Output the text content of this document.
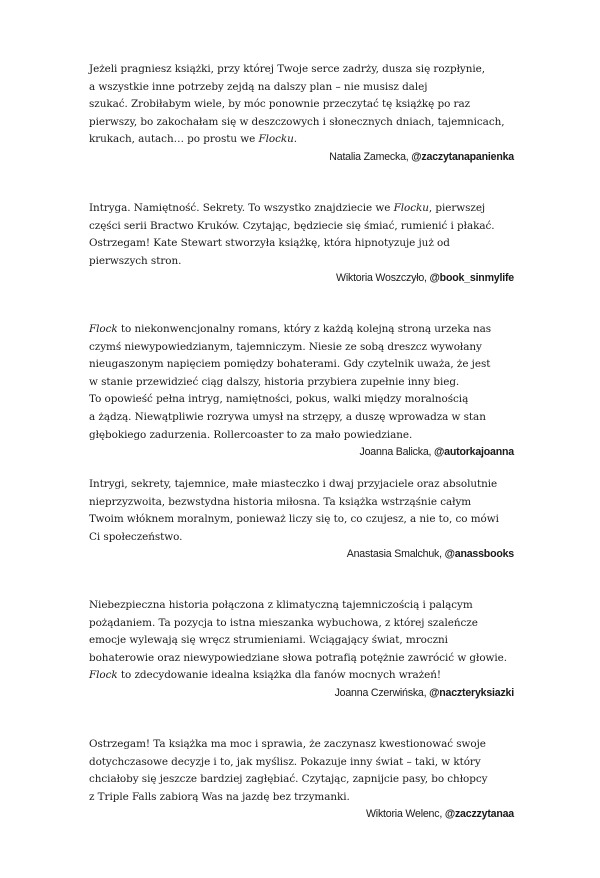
Jeżeli pragniesz książki, przy której Twoje serce zadrży, dusza się rozpłynie,
a wszystkie inne potrzeby zejdą na dalszy plan – nie musisz dalej
szukać. Zrobiłabym wiele, by móc ponownie przeczytać tę książkę po raz
pierwszy, bo zakochałam się w deszczowych i słonecznych dniach, tajemnicach,
krukach, autach… po prostu we Flocku.
Natalia Zamecka, @zaczytanapanienka
Intryga. Namiętność. Sekrety. To wszystko znajdziecie we Flocku, pierwszej
części serii Bractwo Kruków. Czytając, będziecie się śmiać, rumienić i płakać.
Ostrzegam! Kate Stewart stworzyła książkę, która hipnotyzuje już od
pierwszych stron.
Wiktoria Woszczyło, @book_sinmylife
Flock to niekonwencjonalny romans, który z każdą kolejną stroną urzeka nas
czymś niewypowiedzianym, tajemniczym. Niesie ze sobą dreszcz wywołany
nieugaszonym napięciem pomiędzy bohaterami. Gdy czytelnik uważa, że jest
w stanie przewidzieć ciąg dalszy, historia przybiera zupełnie inny bieg.
To opowieść pełna intryg, namiętności, pokus, walki między moralnością
a żądzą. Niewątpliwie rozrywa umysł na strzępy, a duszę wprowadza w stan
głębokiego zadurzenia. Rollercoaster to za mało powiedziane.
Joanna Balicka, @autorkajoanna
Intrygi, sekrety, tajemnice, małe miasteczko i dwaj przyjaciele oraz absolutnie
nieprzyzwoita, bezwstydna historia miłosna. Ta książka wstrząśnie całym
Twoim włóknem moralnym, ponieważ liczy się to, co czujesz, a nie to, co mówi
Ci społeczeństwo.
Anastasia Smalchuk, @anassbooks
Niebezpieczna historia połączona z klimatyczną tajemniczością i palącym
pożądaniem. Ta pozycja to istna mieszanka wybuchowa, z której szaleńcze
emocje wylewają się wręcz strumieniami. Wciągający świat, mroczni
bohaterowie oraz niewypowiedziane słowa potrafią potężnie zawrócić w głowie.
Flock to zdecydowanie idealna książka dla fanów mocnych wrażeń!
Joanna Czerwińska, @naczteryksiazki
Ostrzegam! Ta książka ma moc i sprawia, że zaczynasz kwestionować swoje
dotychczasowe decyzje i to, jak myślisz. Pokazuje inny świat – taki, w który
chciałoby się jeszcze bardziej zagłębiać. Czytając, zapnijcie pasy, bo chłopcy
z Triple Falls zabiorą Was na jazdę bez trzymanki.
Wiktoria Welenc, @zaczzytanaa
